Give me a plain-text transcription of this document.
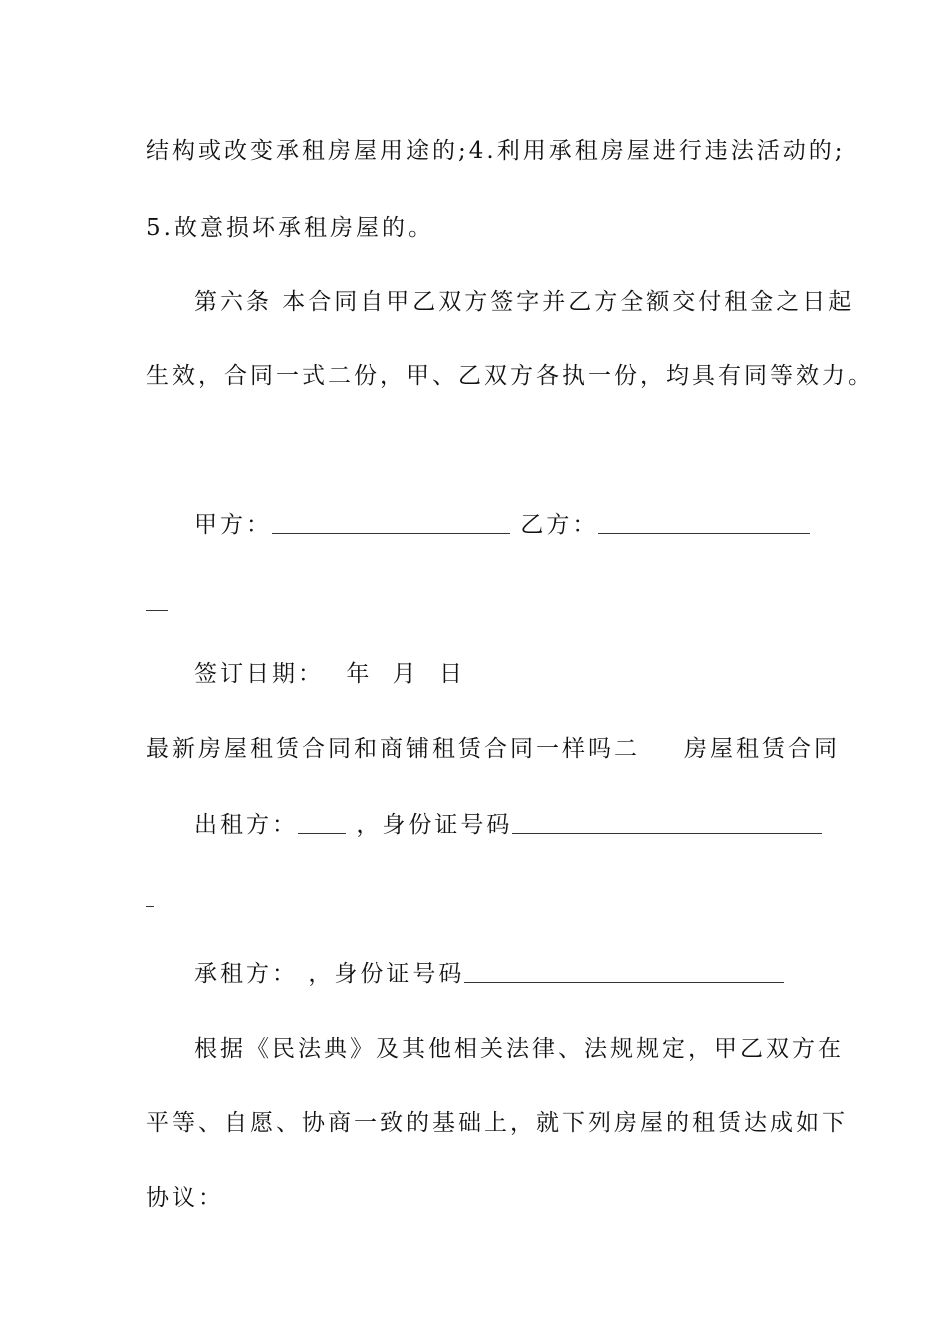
结构或改变承租房屋用途的;4.利用承租房屋进行违法活动的;
5.故意损坏承租房屋的。
第六条 本合同自甲乙双方签字并乙方全额交付租金之日起
生效，合同一式二份，甲、乙双方各执一份，均具有同等效力。
甲方：	乙方：
签订日期： 年 月 日
最新房屋租赁合同和商铺租赁合同一样吗二 房屋租赁合同
出租方：	，身份证号码
承租方： ，身份证号码
根据《民法典》及其他相关法律、法规规定，甲乙双方在
平等、自愿、协商一致的基础上，就下列房屋的租赁达成如下
协议：
